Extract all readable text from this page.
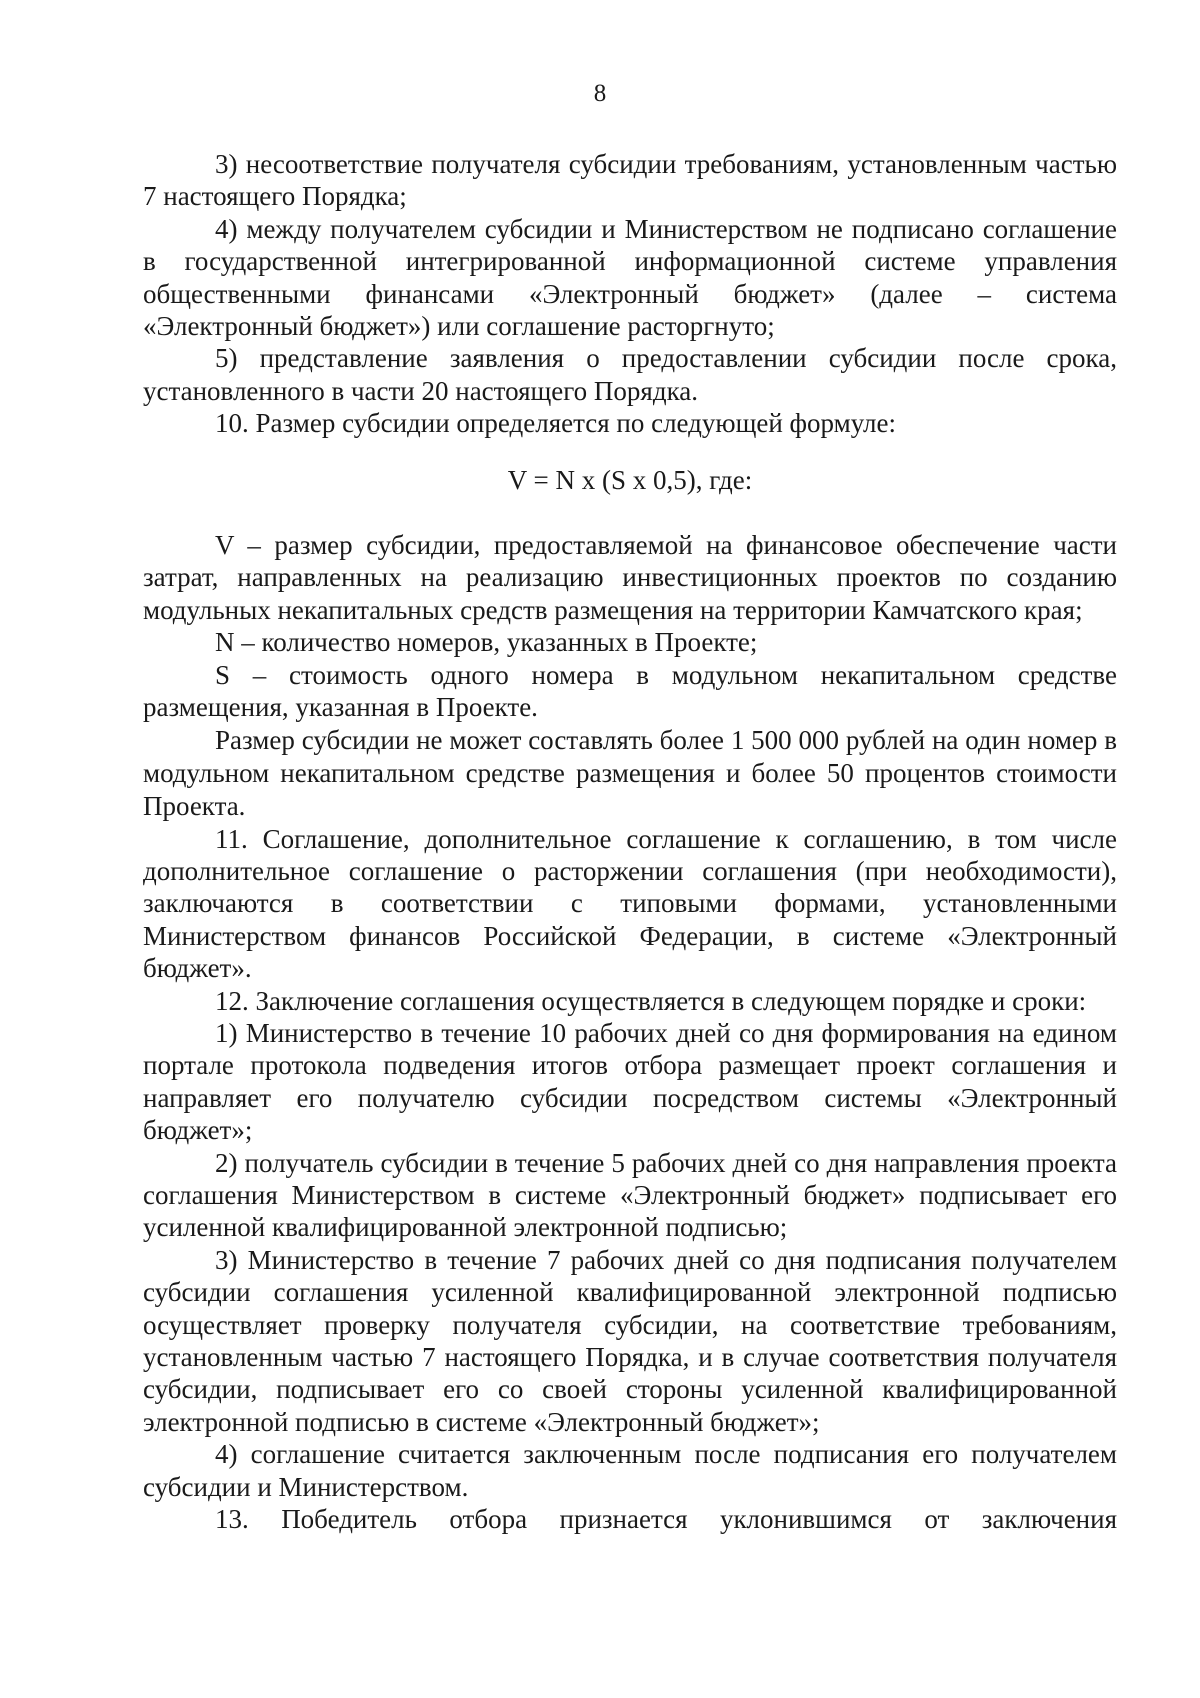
8

3) несоответствие получателя субсидии требованиям, установленным частью 7 настоящего Порядка;

4) между получателем субсидии и Министерством не подписано соглашение в государственной интегрированной информационной системе управления общественными финансами «Электронный бюджет» (далее – система «Электронный бюджет») или соглашение расторгнуто;

5) представление заявления о предоставлении субсидии после срока, установленного в части 20 настоящего Порядка.

10. Размер субсидии определяется по следующей формуле:

V = N x (S x 0,5), где:

V – размер субсидии, предоставляемой на финансовое обеспечение части затрат, направленных на реализацию инвестиционных проектов по созданию модульных некапитальных средств размещения на территории Камчатского края;

N – количество номеров, указанных в Проекте;

S – стоимость одного номера в модульном некапитальном средстве размещения, указанная в Проекте.

Размер субсидии не может составлять более 1 500 000 рублей на один номер в модульном некапитальном средстве размещения и более 50 процентов стоимости Проекта.

11. Соглашение, дополнительное соглашение к соглашению, в том числе дополнительное соглашение о расторжении соглашения (при необходимости), заключаются в соответствии с типовыми формами, установленными Министерством финансов Российской Федерации, в системе «Электронный бюджет».

12. Заключение соглашения осуществляется в следующем порядке и сроки:

1) Министерство в течение 10 рабочих дней со дня формирования на едином портале протокола подведения итогов отбора размещает проект соглашения и направляет его получателю субсидии посредством системы «Электронный бюджет»;

2) получатель субсидии в течение 5 рабочих дней со дня направления проекта соглашения Министерством в системе «Электронный бюджет» подписывает его усиленной квалифицированной электронной подписью;

3) Министерство в течение 7 рабочих дней со дня подписания получателем субсидии соглашения усиленной квалифицированной электронной подписью осуществляет проверку получателя субсидии, на соответствие требованиям, установленным частью 7 настоящего Порядка, и в случае соответствия получателя субсидии, подписывает его со своей стороны усиленной квалифицированной электронной подписью в системе «Электронный бюджет»;

4) соглашение считается заключенным после подписания его получателем субсидии и Министерством.

13. Победитель отбора признается уклонившимся от заключения
